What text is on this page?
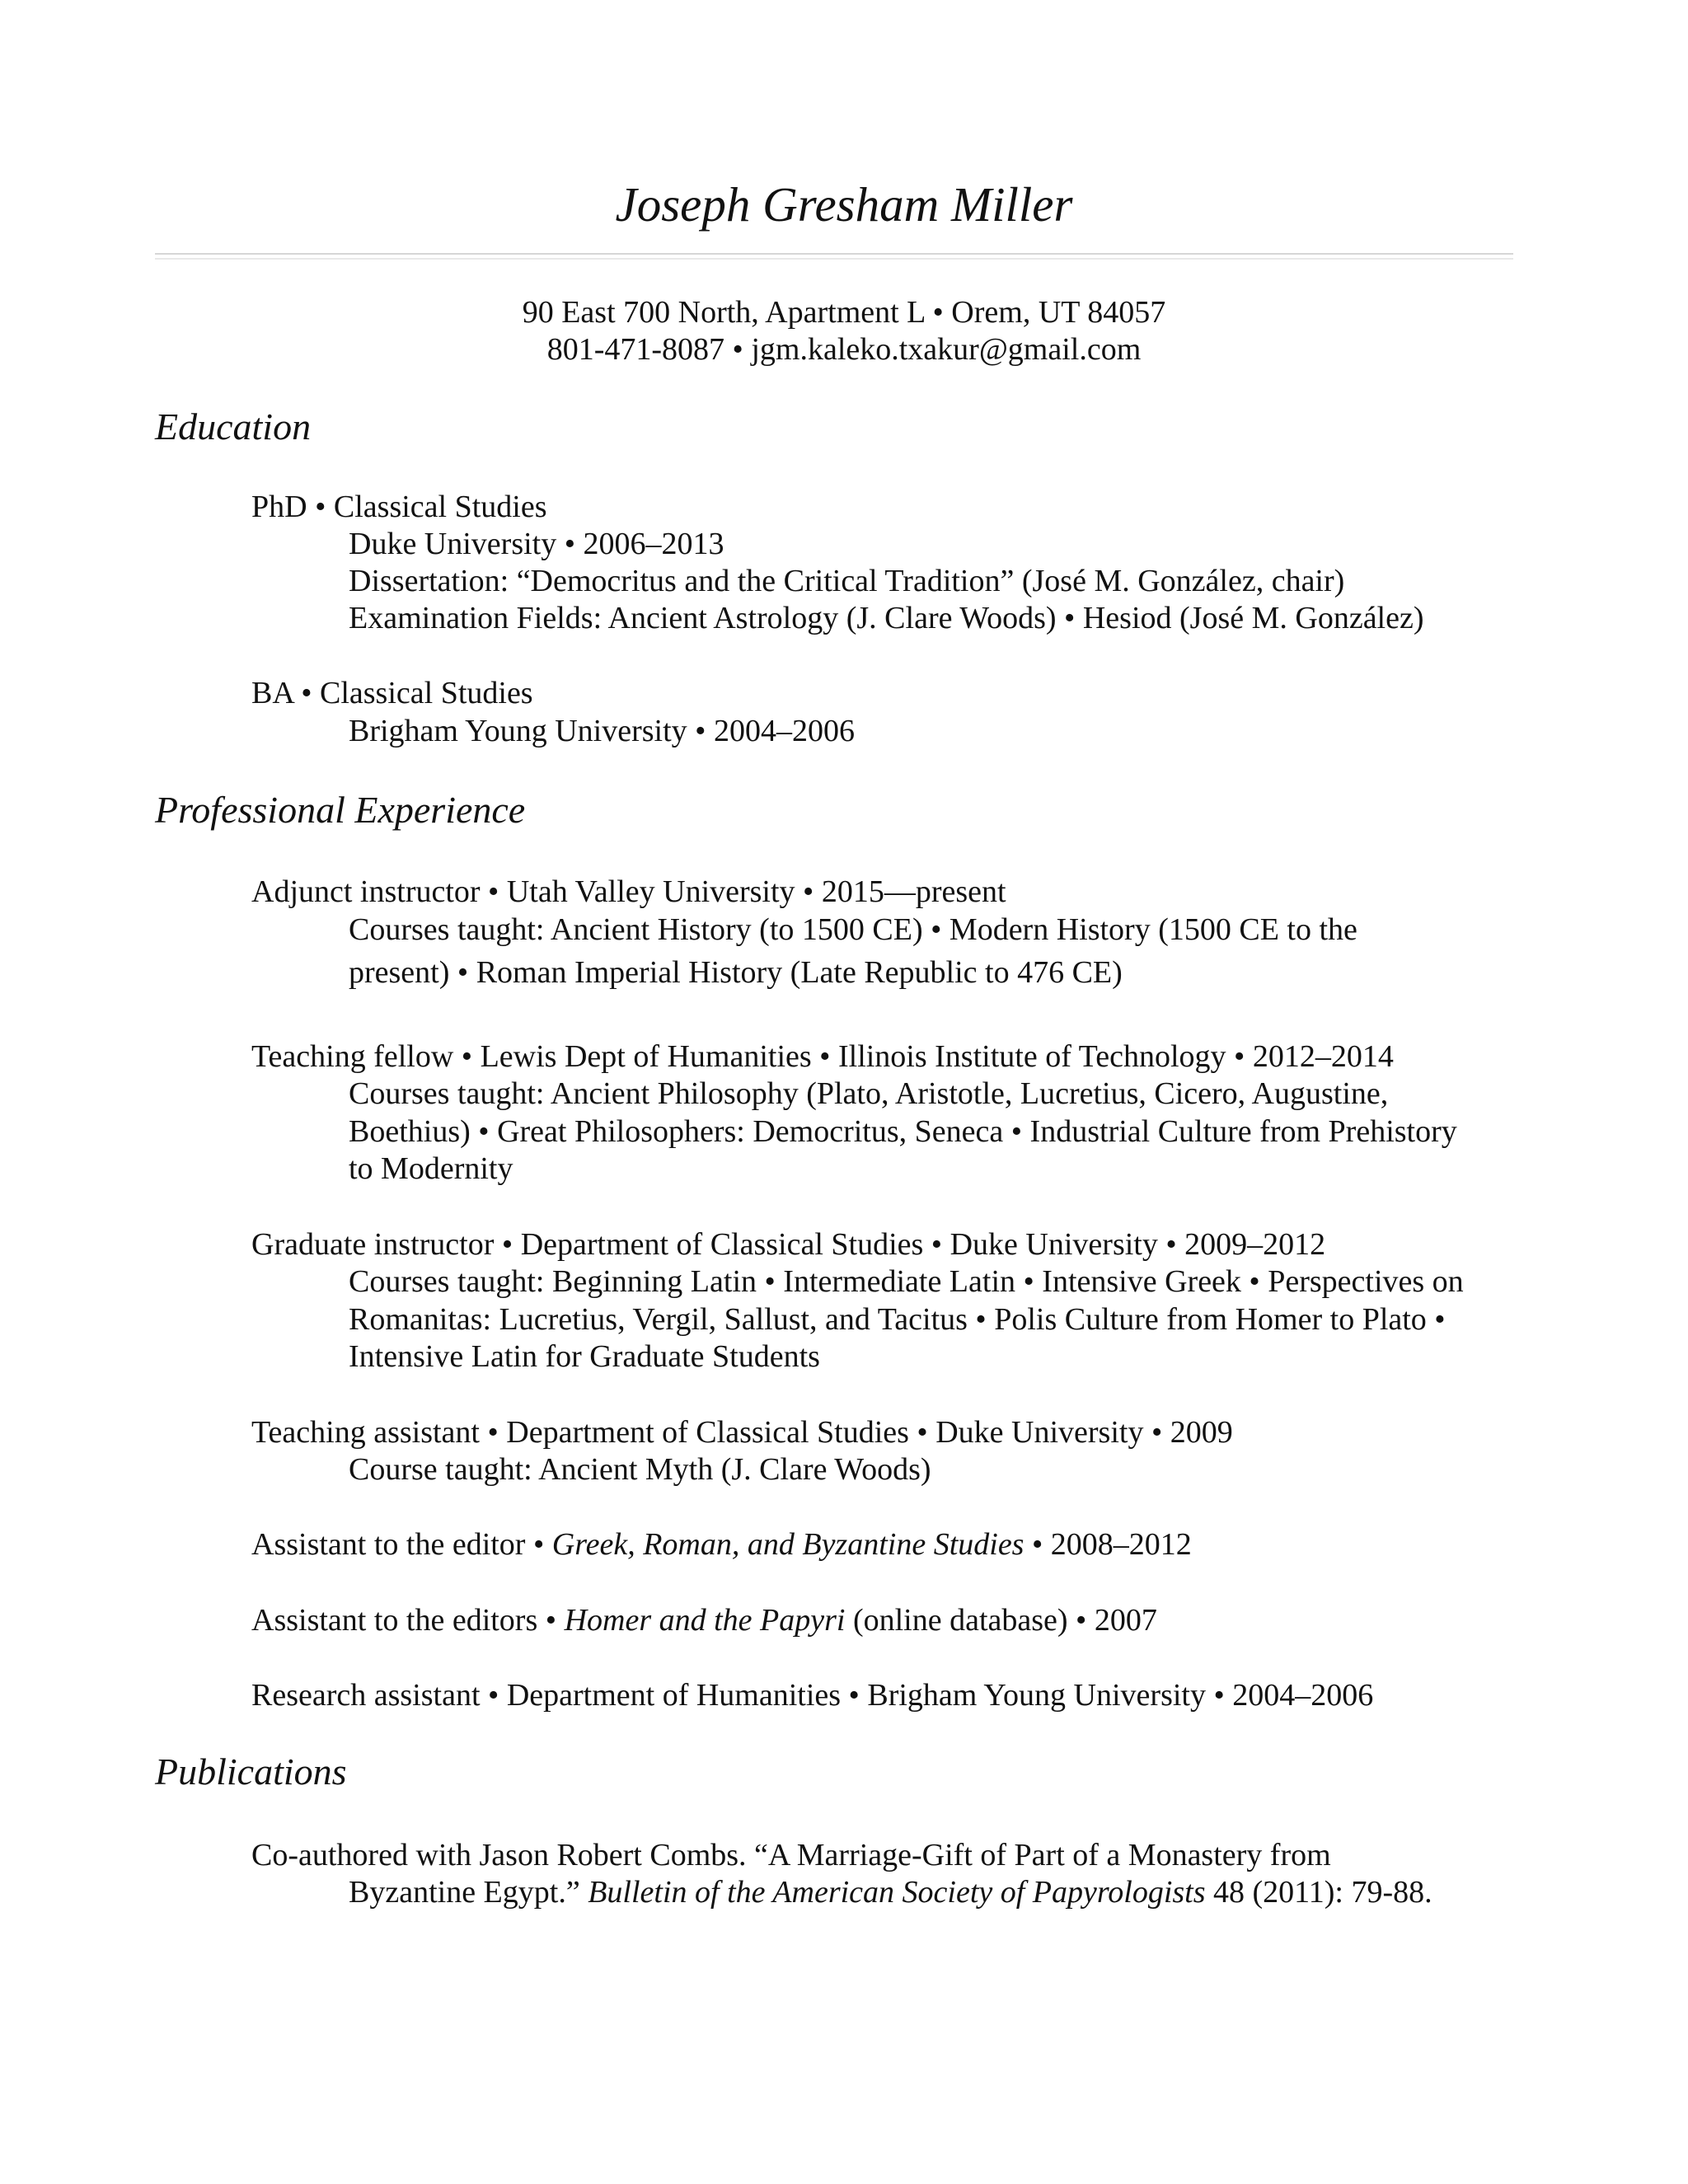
Joseph Gresham Miller
90 East 700 North, Apartment L • Orem, UT 84057
801-471-8087 • jgm.kaleko.txakur@gmail.com
Education
PhD • Classical Studies
Duke University • 2006–2013
Dissertation: “Democritus and the Critical Tradition” (José M. González, chair)
Examination Fields: Ancient Astrology (J. Clare Woods) • Hesiod (José M. González)
BA • Classical Studies
Brigham Young University • 2004–2006
Professional Experience
Adjunct instructor • Utah Valley University • 2015—present
Courses taught: Ancient History (to 1500 CE) • Modern History (1500 CE to the
present) • Roman Imperial History (Late Republic to 476 CE)
Teaching fellow • Lewis Dept of Humanities • Illinois Institute of Technology • 2012–2014
Courses taught: Ancient Philosophy (Plato, Aristotle, Lucretius, Cicero, Augustine,
Boethius) • Great Philosophers: Democritus, Seneca • Industrial Culture from Prehistory
to Modernity
Graduate instructor • Department of Classical Studies • Duke University • 2009–2012
Courses taught: Beginning Latin • Intermediate Latin • Intensive Greek • Perspectives on
Romanitas: Lucretius, Vergil, Sallust, and Tacitus • Polis Culture from Homer to Plato •
Intensive Latin for Graduate Students
Teaching assistant • Department of Classical Studies • Duke University • 2009
Course taught: Ancient Myth (J. Clare Woods)
Assistant to the editor • Greek, Roman, and Byzantine Studies • 2008–2012
Assistant to the editors • Homer and the Papyri (online database) • 2007
Research assistant • Department of Humanities • Brigham Young University • 2004–2006
Publications
Co-authored with Jason Robert Combs. “A Marriage-Gift of Part of a Monastery from
Byzantine Egypt.” Bulletin of the American Society of Papyrologists 48 (2011): 79-88.
